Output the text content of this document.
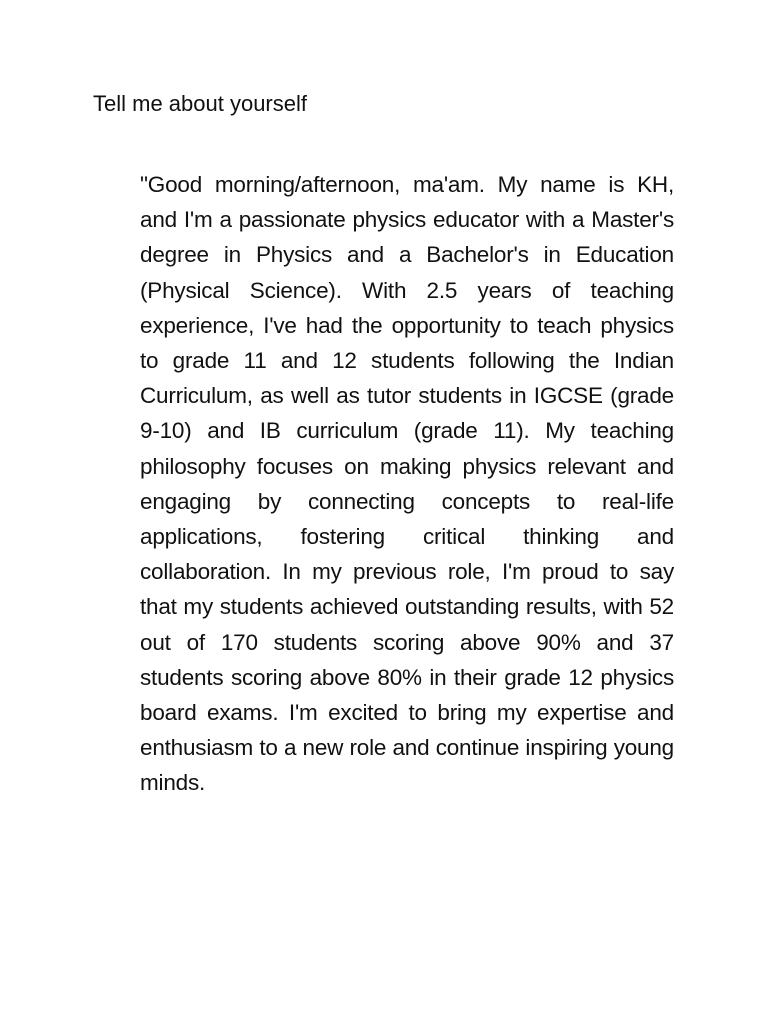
Tell me about yourself

"Good morning/afternoon, ma'am. My name is KH, and I'm a passionate physics educator with a Master's degree in Physics and a Bachelor's in Education (Physical Science). With 2.5 years of teaching experience, I've had the opportunity to teach physics to grade 11 and 12 students following the Indian Curriculum, as well as tutor students in IGCSE (grade 9-10) and IB curriculum (grade 11). My teaching philosophy focuses on making physics relevant and engaging by connecting concepts to real-life applications, fostering critical thinking and collaboration. In my previous role, I'm proud to say that my students achieved outstanding results, with 52 out of 170 students scoring above 90% and 37 students scoring above 80% in their grade 12 physics board exams. I'm excited to bring my expertise and enthusiasm to a new role and continue inspiring young minds.
